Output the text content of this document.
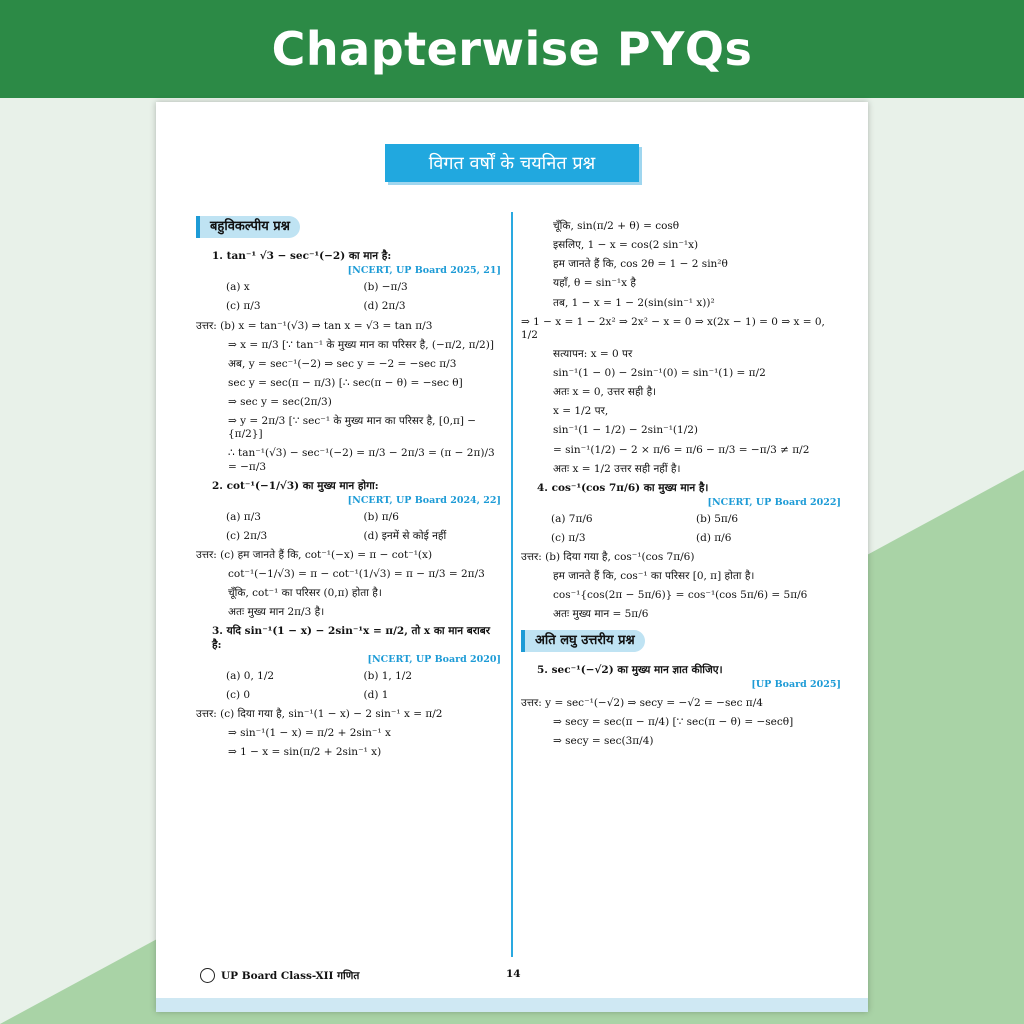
Chapterwise PYQs
विगत वर्षों के चयनित प्रश्न
बहुविकल्पीय प्रश्न
1. tan⁻¹ √3 − sec⁻¹(−2) का मान है:
[NCERT, UP Board 2025, 21]
(a) x	(b) −π/3
(c) π/3	(d) 2π/3
उत्तर: (b) x = tan⁻¹(√3) ⇒ tan x = √3 = tan π/3
⇒ x = π/3 [∵ tan⁻¹ के मुख्य मान का परिसर है, (−π/2, π/2)]
अब, y = sec⁻¹(−2) ⇒ sec y = −2 = −sec π/3
sec y = sec(π − π/3) [∴ sec(π − θ) = −sec θ]
⇒ sec y = sec(2π/3)
⇒ y = 2π/3 [∵ sec⁻¹ के मुख्य मान का परिसर है, [0,π] − {π/2}]
∴ tan⁻¹(√3) − sec⁻¹(−2) = π/3 − 2π/3 = (π − 2π)/3 = −π/3
2. cot⁻¹(−1/√3) का मुख्य मान होगा:
[NCERT, UP Board 2024, 22]
(a) π/3	(b) π/6
(c) 2π/3	(d) इनमें से कोई नहीं
उत्तर: (c) हम जानते हैं कि, cot⁻¹(−x) = π − cot⁻¹(x)
cot⁻¹(−1/√3) = π − cot⁻¹(1/√3) = π − π/3 = 2π/3
चूँकि, cot⁻¹ का परिसर (0,π) होता है।
अतः मुख्य मान 2π/3 है।
3. यदि sin⁻¹(1 − x) − 2sin⁻¹x = π/2, तो x का मान बराबर है:
[NCERT, UP Board 2020]
(a) 0, 1/2	(b) 1, 1/2
(c) 0	(d) 1
उत्तर: (c) दिया गया है, sin⁻¹(1 − x) − 2 sin⁻¹ x = π/2
⇒ sin⁻¹(1 − x) = π/2 + 2sin⁻¹ x
⇒ 1 − x = sin(π/2 + 2sin⁻¹ x)
चूँकि, sin(π/2 + θ) = cosθ
इसलिए, 1 − x = cos(2 sin⁻¹x)
हम जानते हैं कि, cos 2θ = 1 − 2 sin²θ
यहाँ, θ = sin⁻¹x है
तब, 1 − x = 1 − 2(sin(sin⁻¹ x))²
⇒ 1 − x = 1 − 2x² ⇒ 2x² − x = 0 ⇒ x(2x − 1) = 0 ⇒ x = 0, 1/2
सत्यापन: x = 0 पर
sin⁻¹(1 − 0) − 2sin⁻¹(0) = sin⁻¹(1) = π/2
अतः x = 0, उत्तर सही है।
x = 1/2 पर,
sin⁻¹(1 − 1/2) − 2sin⁻¹(1/2)
= sin⁻¹(1/2) − 2 × π/6 = π/6 − π/3 = −π/3 ≠ π/2
अतः x = 1/2 उत्तर सही नहीं है।
4. cos⁻¹(cos 7π/6) का मुख्य मान है।
[NCERT, UP Board 2022]
(a) 7π/6	(b) 5π/6
(c) π/3	(d) π/6
उत्तर: (b) दिया गया है, cos⁻¹(cos 7π/6)
हम जानते हैं कि, cos⁻¹ का परिसर [0, π] होता है।
cos⁻¹{cos(2π − 5π/6)} = cos⁻¹(cos 5π/6) = 5π/6
अतः मुख्य मान = 5π/6
अति लघु उत्तरीय प्रश्न
5. sec⁻¹(−√2) का मुख्य मान ज्ञात कीजिए।
[UP Board 2025]
उत्तर: y = sec⁻¹(−√2) ⇒ secy = −√2 = −sec π/4
⇒ secy = sec(π − π/4) [∵ sec(π − θ) = −secθ]
⇒ secy = sec(3π/4)
UP Board Class-XII गणित	14
